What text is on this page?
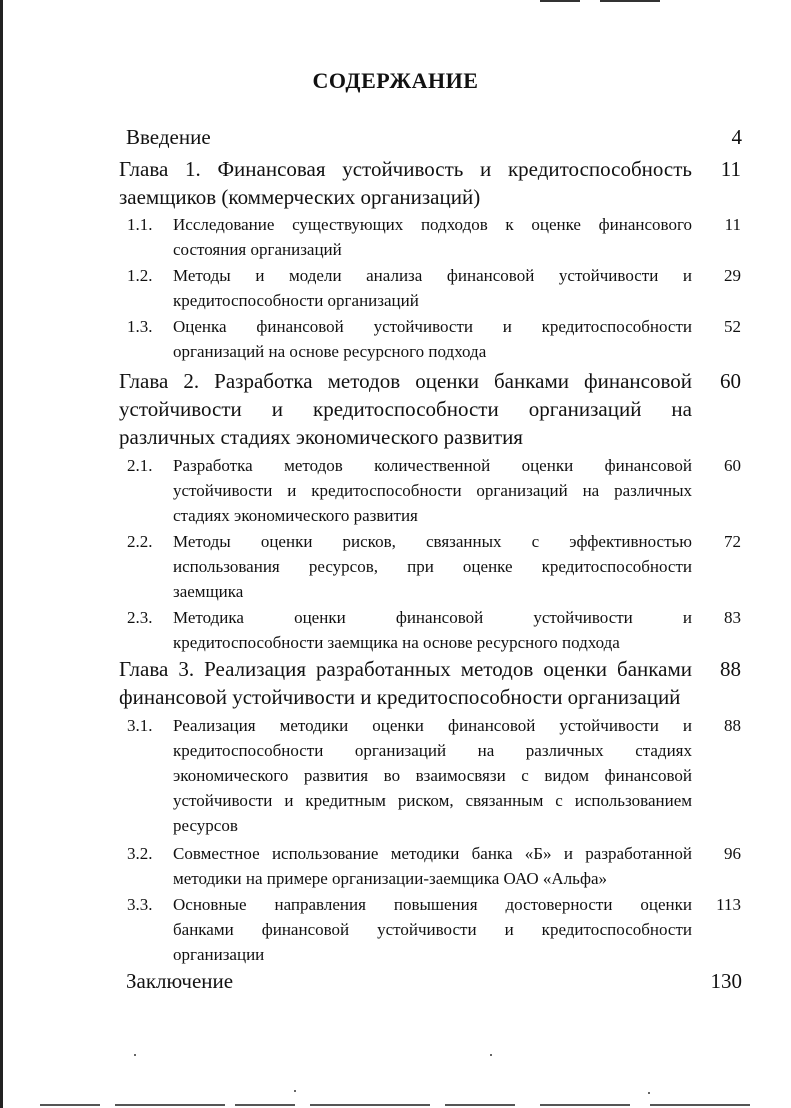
СОДЕРЖАНИЕ
Введение	4
Глава 1. Финансовая устойчивость и кредитоспособность
заемщиков (коммерческих организаций)
11
1.1. Исследование существующих подходов к оценке финансового
состояния организаций
11
1.2. Методы и модели анализа финансовой устойчивости и
кредитоспособности организаций
29
1.3. Оценка финансовой устойчивости и кредитоспособности
организаций на основе ресурсного подхода
52
Глава 2. Разработка методов оценки банками финансовой
устойчивости и кредитоспособности организаций на
различных стадиях экономического развития
60
2.1. Разработка методов количественной оценки финансовой
устойчивости и кредитоспособности организаций на различных
стадиях экономического развития
60
2.2. Методы оценки рисков, связанных с эффективностью
использования ресурсов, при оценке кредитоспособности
заемщика
72
2.3. Методика оценки финансовой устойчивости и
кредитоспособности заемщика на основе ресурсного подхода
83
Глава 3. Реализация разработанных методов оценки банками
финансовой устойчивости и кредитоспособности организаций
88
3.1. Реализация методики оценки финансовой устойчивости и
кредитоспособности организаций на различных стадиях
экономического развития во взаимосвязи с видом финансовой
устойчивости и кредитным риском, связанным с использованием
ресурсов
88
3.2. Совместное использование методики банка «Б» и разработанной
методики на примере организации-заемщика ОАО «Альфа»
96
3.3. Основные направления повышения достоверности оценки
банками финансовой устойчивости и кредитоспособности
организации
113
Заключение	130
